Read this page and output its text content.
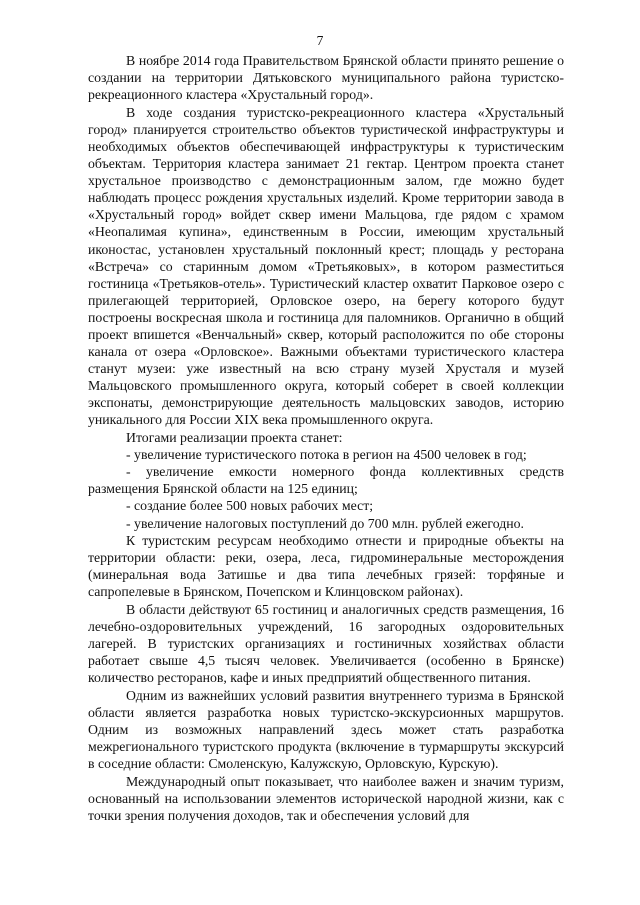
7

В ноябре 2014 года Правительством Брянской области принято решение о создании на территории Дятьковского муниципального района туристско-рекреационного кластера «Хрустальный город».

В ходе создания туристско-рекреационного кластера «Хрустальный город» планируется строительство объектов туристической инфраструктуры и необходимых объектов обеспечивающей инфраструктуры к туристическим объектам. Территория кластера занимает 21 гектар. Центром проекта станет хрустальное производство с демонстрационным залом, где можно будет наблюдать процесс рождения хрустальных изделий. Кроме территории завода в «Хрустальный город» войдет сквер имени Мальцова, где рядом с храмом «Неопалимая купина», единственным в России, имеющим хрустальный иконостас, установлен хрустальный поклонный крест; площадь у ресторана «Встреча» со старинным домом «Третьяковых», в котором разместиться гостиница «Третьяков-отель». Туристический кластер охватит Парковое озеро с прилегающей территорией, Орловское озеро, на берегу которого будут построены воскресная школа и гостиница для паломников. Органично в общий проект впишется «Венчальный» сквер, который расположится по обе стороны канала от озера «Орловское». Важными объектами туристического кластера станут музеи: уже известный на всю страну музей Хрусталя и музей Мальцовского промышленного округа, который соберет в своей коллекции экспонаты, демонстрирующие деятельность мальцовских заводов, историю уникального для России XIX века промышленного округа.

Итогами реализации проекта станет:

- увеличение туристического потока в регион на 4500 человек в год;

- увеличение емкости номерного фонда коллективных средств размещения Брянской области на 125 единиц;

- создание более 500 новых рабочих мест;

- увеличение налоговых поступлений до 700 млн. рублей ежегодно.

К туристским ресурсам необходимо отнести и природные объекты на территории области: реки, озера, леса, гидроминеральные месторождения (минеральная вода Затишье и два типа лечебных грязей: торфяные и сапропелевые в Брянском, Почепском и Клинцовском районах).

В области действуют 65 гостиниц и аналогичных средств размещения, 16 лечебно-оздоровительных учреждений, 16 загородных оздоровительных лагерей. В туристских организациях и гостиничных хозяйствах области работает свыше 4,5 тысяч человек. Увеличивается (особенно в Брянске) количество ресторанов, кафе и иных предприятий общественного питания.

Одним из важнейших условий развития внутреннего туризма в Брянской области является разработка новых туристско-экскурсионных маршрутов. Одним из возможных направлений здесь может стать разработка межрегионального туристского продукта (включение в турмаршруты экскурсий в соседние области: Смоленскую, Калужскую, Орловскую, Курскую).

Международный опыт показывает, что наиболее важен и значим туризм, основанный на использовании элементов исторической народной жизни, как с точки зрения получения доходов, так и обеспечения условий для
